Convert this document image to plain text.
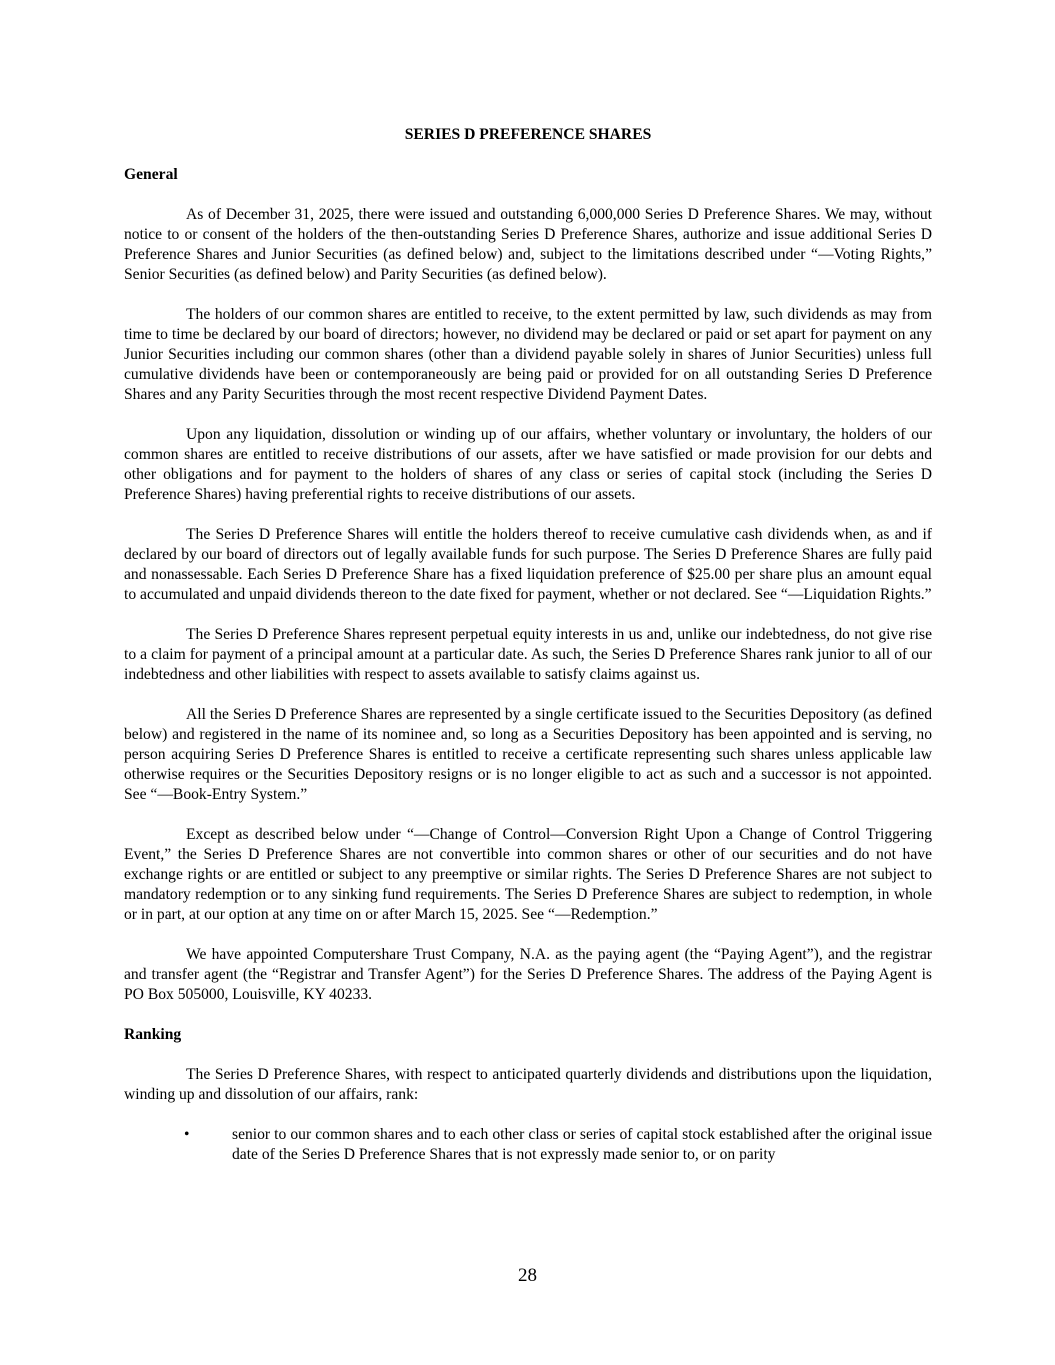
SERIES D PREFERENCE SHARES
General

As of December 31, 2025, there were issued and outstanding 6,000,000 Series D Preference Shares. We may, without notice to or consent of the holders of the then-outstanding Series D Preference Shares, authorize and issue additional Series D Preference Shares and Junior Securities (as defined below) and, subject to the limitations described under “—Voting Rights,” Senior Securities (as defined below) and Parity Securities (as defined below).

The holders of our common shares are entitled to receive, to the extent permitted by law, such dividends as may from time to time be declared by our board of directors; however, no dividend may be declared or paid or set apart for payment on any Junior Securities including our common shares (other than a dividend payable solely in shares of Junior Securities) unless full cumulative dividends have been or contemporaneously are being paid or provided for on all outstanding Series D Preference Shares and any Parity Securities through the most recent respective Dividend Payment Dates.

Upon any liquidation, dissolution or winding up of our affairs, whether voluntary or involuntary, the holders of our common shares are entitled to receive distributions of our assets, after we have satisfied or made provision for our debts and other obligations and for payment to the holders of shares of any class or series of capital stock (including the Series D Preference Shares) having preferential rights to receive distributions of our assets.

The Series D Preference Shares will entitle the holders thereof to receive cumulative cash dividends when, as and if declared by our board of directors out of legally available funds for such purpose. The Series D Preference Shares are fully paid and nonassessable. Each Series D Preference Share has a fixed liquidation preference of $25.00 per share plus an amount equal to accumulated and unpaid dividends thereon to the date fixed for payment, whether or not declared. See “—Liquidation Rights.”

The Series D Preference Shares represent perpetual equity interests in us and, unlike our indebtedness, do not give rise to a claim for payment of a principal amount at a particular date. As such, the Series D Preference Shares rank junior to all of our indebtedness and other liabilities with respect to assets available to satisfy claims against us.

All the Series D Preference Shares are represented by a single certificate issued to the Securities Depository (as defined below) and registered in the name of its nominee and, so long as a Securities Depository has been appointed and is serving, no person acquiring Series D Preference Shares is entitled to receive a certificate representing such shares unless applicable law otherwise requires or the Securities Depository resigns or is no longer eligible to act as such and a successor is not appointed. See “—Book-Entry System.”

Except as described below under “—Change of Control—Conversion Right Upon a Change of Control Triggering Event,” the Series D Preference Shares are not convertible into common shares or other of our securities and do not have exchange rights or are entitled or subject to any preemptive or similar rights. The Series D Preference Shares are not subject to mandatory redemption or to any sinking fund requirements. The Series D Preference Shares are subject to redemption, in whole or in part, at our option at any time on or after March 15, 2025. See “—Redemption.”

We have appointed Computershare Trust Company, N.A. as the paying agent (the “Paying Agent”), and the registrar and transfer agent (the “Registrar and Transfer Agent”) for the Series D Preference Shares. The address of the Paying Agent is PO Box 505000, Louisville, KY 40233.

Ranking

The Series D Preference Shares, with respect to anticipated quarterly dividends and distributions upon the liquidation, winding up and dissolution of our affairs, rank:

•	senior to our common shares and to each other class or series of capital stock established after the original issue date of the Series D Preference Shares that is not expressly made senior to, or on parity
28
